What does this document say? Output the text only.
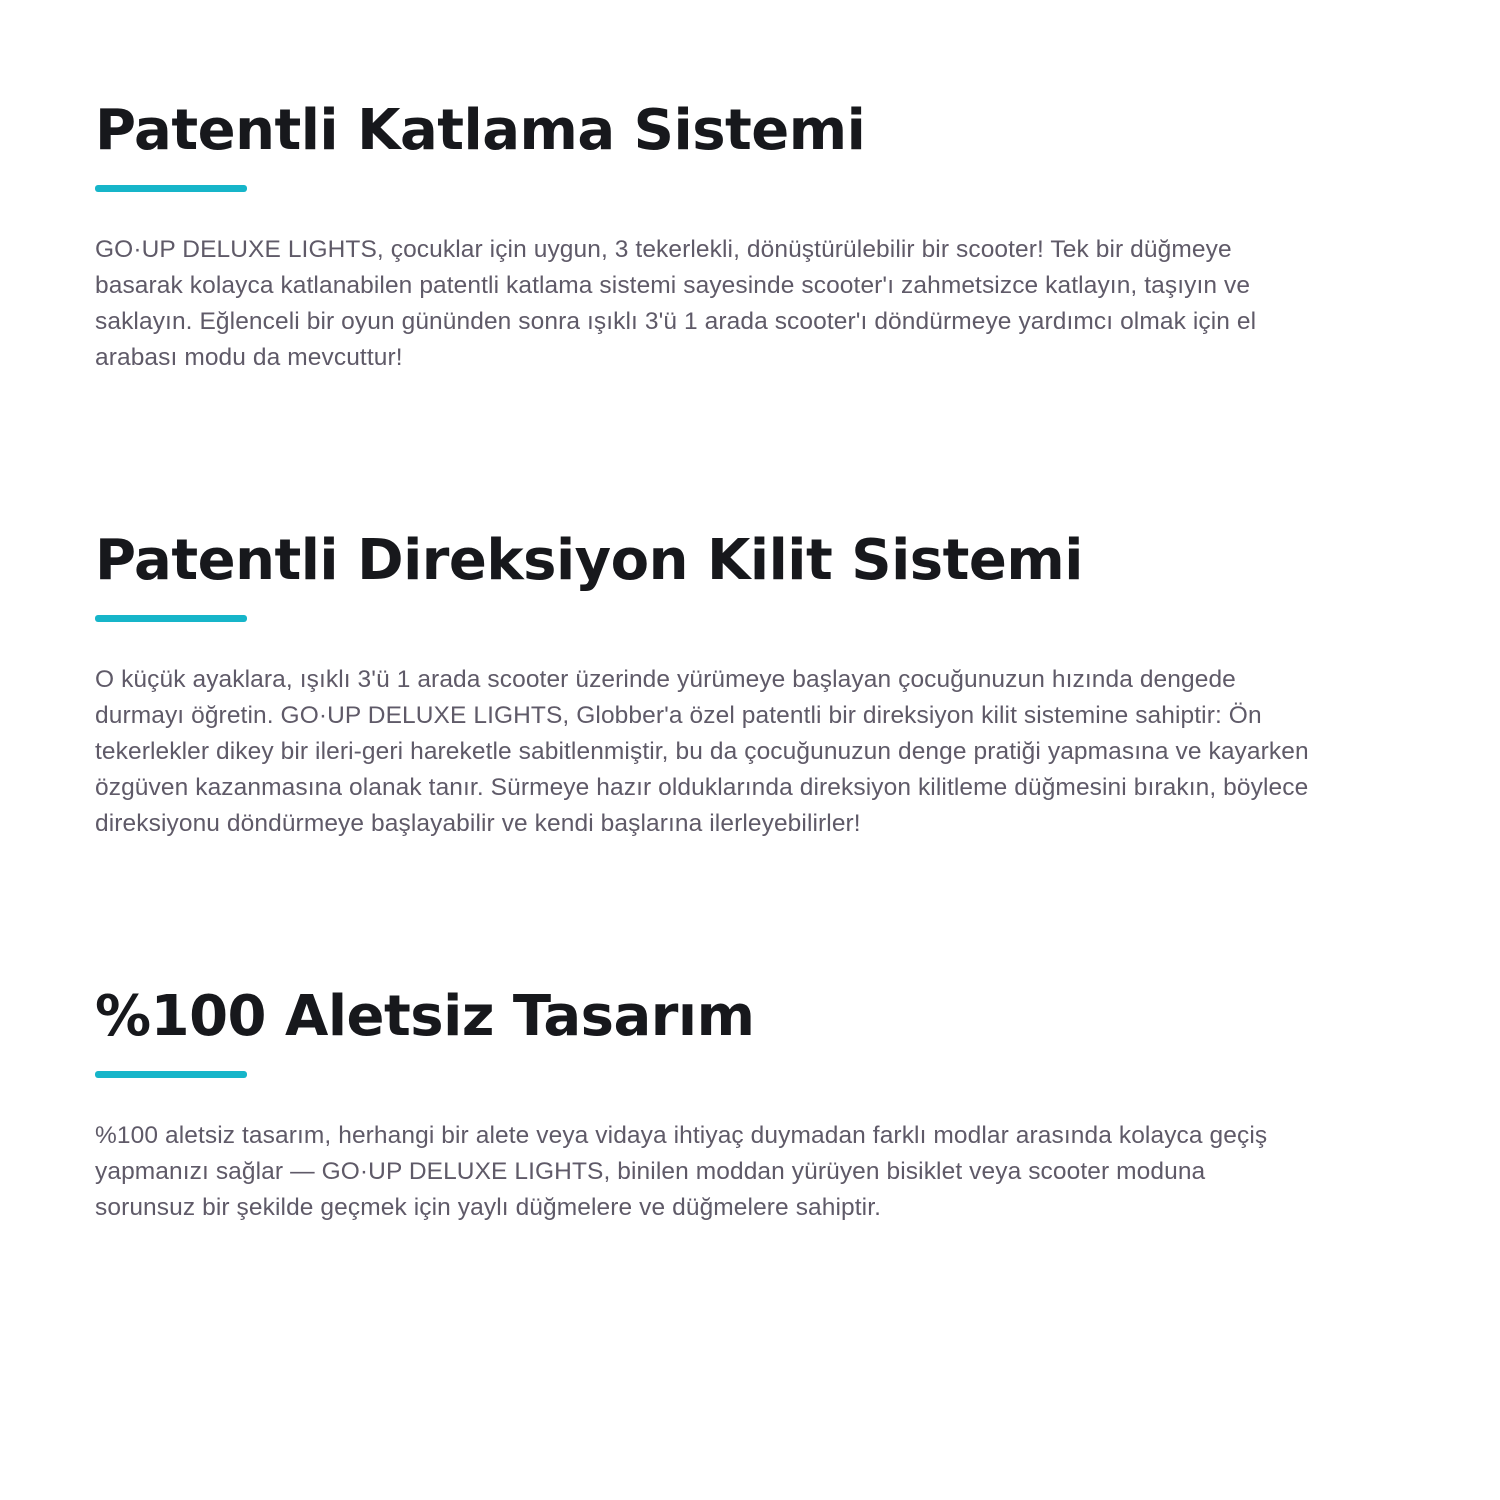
Patentli Katlama Sistemi

GO·UP DELUXE LIGHTS, çocuklar için uygun, 3 tekerlekli, dönüştürülebilir bir scooter! Tek bir düğmeye basarak kolayca katlanabilen patentli katlama sistemi sayesinde scooter'ı zahmetsizce katlayın, taşıyın ve saklayın. Eğlenceli bir oyun gününden sonra ışıklı 3'ü 1 arada scooter'ı döndürmeye yardımcı olmak için el arabası modu da mevcuttur!

Patentli Direksiyon Kilit Sistemi

O küçük ayaklara, ışıklı 3'ü 1 arada scooter üzerinde yürümeye başlayan çocuğunuzun hızında dengede durmayı öğretin. GO·UP DELUXE LIGHTS, Globber'a özel patentli bir direksiyon kilit sistemine sahiptir: Ön tekerlekler dikey bir ileri-geri hareketle sabitlenmiştir, bu da çocuğunuzun denge pratiği yapmasına ve kayarken özgüven kazanmasına olanak tanır. Sürmeye hazır olduklarında direksiyon kilitleme düğmesini bırakın, böylece direksiyonu döndürmeye başlayabilir ve kendi başlarına ilerleyebilirler!

%100 Aletsiz Tasarım

%100 aletsiz tasarım, herhangi bir alete veya vidaya ihtiyaç duymadan farklı modlar arasında kolayca geçiş yapmanızı sağlar — GO·UP DELUXE LIGHTS, binilen moddan yürüyen bisiklet veya scooter moduna sorunsuz bir şekilde geçmek için yaylı düğmelere ve düğmelere sahiptir.
